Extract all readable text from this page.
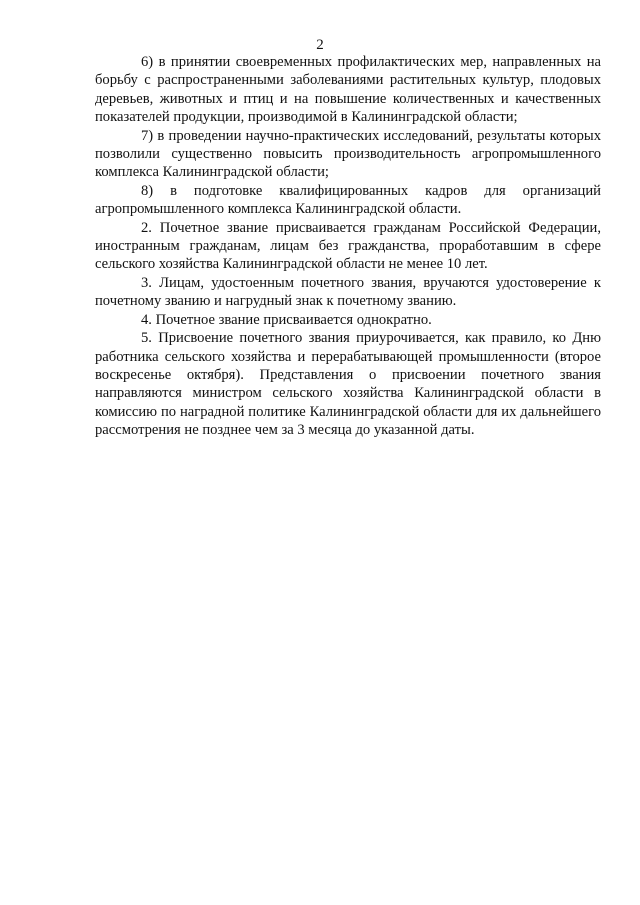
2

6) в принятии своевременных профилактических мер, направленных на борьбу с распространенными заболеваниями растительных культур, плодовых деревьев, животных и птиц и на повышение количественных и качественных показателей продукции, производимой в Калининградской области;

7) в проведении научно-практических исследований, результаты которых позволили существенно повысить производительность агропромышленного комплекса Калининградской области;

8) в подготовке квалифицированных кадров для организаций агропромышленного комплекса Калининградской области.

2. Почетное звание присваивается гражданам Российской Федерации, иностранным гражданам, лицам без гражданства, проработавшим в сфере сельского хозяйства Калининградской области не менее 10 лет.

3. Лицам, удостоенным почетного звания, вручаются удостоверение к почетному званию и нагрудный знак к почетному званию.

4. Почетное звание присваивается однократно.

5. Присвоение почетного звания приурочивается, как правило, ко Дню работника сельского хозяйства и перерабатывающей промышленности (второе воскресенье октября). Представления о присвоении почетного звания направляются министром сельского хозяйства Калининградской области в комиссию по наградной политике Калининградской области для их дальнейшего рассмотрения не позднее чем за 3 месяца до указанной даты.
